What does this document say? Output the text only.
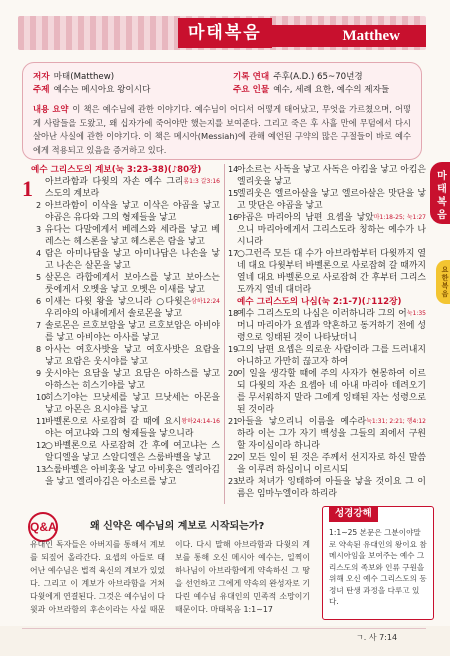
마태복음	Matthew
저자 마태(Matthew)
주제 예수는 메시아요 왕이시다
기록 연대 주후(A.D.) 65~70년경
주요 인물 예수, 세례 요한, 예수의 제자들
내용 요약 이 책은 예수님에 관한 이야기다. 예수님이 어디서 어떻게 태어났고, 무엇을 가르쳤으며, 어떻게 사람들을 도왔고, 왜 십자가에 죽어야만 했는지를 보여준다. 그리고 죽은 후 사흘 만에 무덤에서 다시 살아난 사실에 관한 이야기다. 이 책은 메시아(Messiah)에 관해 예언된 구약의 많은 구절들이 바로 예수에게 적용되고 있음을 증거하고 있다.
예수 그리스도의 계보(눅 3:23-38)(♪80장)
1	롬1:3 갈3:16
아브라함과 다윗의 자손 예수 그리스도의 계보라
2 아브라함이 이삭을 낳고 이삭은 야곱을 낳고 야곱은 유다와 그의 형제들을 낳고
3 유다는 다말에게서 베레스와 세라를 낳고 베레스는 헤스론을 낳고 헤스론은 람을 낳고
4 람은 아미나답을 낳고 아미나답은 나손을 낳고 나손은 살몬을 낳고
5 살몬은 라합에게서 보아스를 낳고 보아스는 룻에게서 오벳을 낳고 오벳은 이새를 낳고
6	삼하12:24
이새는 다윗 왕을 낳으니라 ○다윗은 우리야의 아내에게서 솔로몬을 낳고
7 솔로몬은 르호보암을 낳고 르호보암은 아비야를 낳고 아비야는 아사를 낳고
8 아사는 여호사밧을 낳고 여호사밧은 요람을 낳고 요람은 웃시야를 낳고
9 웃시야는 요담을 낳고 요담은 아하스를 낳고 아하스는 히스기야를 낳고
10
히스기야는 므낫세를 낳고 므낫세는 아몬을 낳고 아몬은 요시야를 낳고
11	왕하24:14-16
바벨론으로 사로잡혀 갈 때에 요시야는 여고냐와 그의 형제들을 낳으니라
12
○바벨론으로 사로잡혀 간 후에 여고냐는 스알디엘을 낳고 스알디엘은 스룹바벨을 낳고
13
스룹바벨은 아비훗을 낳고 아비훗은 엘리아김을 낳고 엘리아김은 아소르를 낳고
14
아소르는 사독을 낳고 사독은 아킴을 낳고 아킴은 엘리웃을 낳고
15
엘리웃은 엘르아살을 낳고 엘르아살은 맛단을 낳고 맛단은 야곱을 낳고
16	마1:18-25; 눅1:27
야곱은 마리아의 남편 요셉을 낳았으니 마리아에게서 그리스도라 칭하는 예수가 나시니라
17
○그런즉 모든 대 수가 아브라함부터 다윗까지 열네 대요 다윗부터 바벨론으로 사로잡혀 갈 때까지 열네 대요 바벨론으로 사로잡혀 간 후부터 그리스도까지 열네 대더라
예수 그리스도의 나심(눅 2:1-7)(♪112장)
18	눅1:35
예수 그리스도의 나심은 이러하니라 그의 어머니 마리아가 요셉과 약혼하고 동거하기 전에 성령으로 잉태된 것이 나타났더니
19
그의 남편 요셉은 의로운 사람이라 그를 드러내지 아니하고 가만히 끊고자 하여
20
이 일을 생각할 때에 주의 사자가 현몽하여 이르되 다윗의 자손 요셉아 네 아내 마리아 데려오기를 무서워하지 말라 그에게 잉태된 자는 성령으로 된 것이라
21	눅1:31; 2:21; 행4:12
아들을 낳으리니 이름을 예수라 하라 이는 그가 자기 백성을 그들의 죄에서 구원할 자이심이라 하니라
22
이 모든 일이 된 것은 주께서 선지자로 하신 말씀을 이루려 하심이니 이르시되
23
보라 처녀가 잉태하여 아들을 낳을 것이요 그 이름은 임마누엘이라 하리라
마태복음
요한복음
Q&A	왜 신약은 예수님의 계보로 시작되는가?
유대인 독자들은 아버지를 통해서 계보를 되짚어 올라간다. 요셉의 아들로 태어난 예수님은 법적 육신의 계보가 있었다. 그리고 이 계보가 아브라함을 거쳐 다윗에게 연결된다. 그것은 예수님이 다윗과 아브라함의 후손이라는 사실 때문이다. 다시 말해 아브라함과 다윗의 계보를 통해 오신 메시아 예수는, 일찍이 하나님이 아브라함에게 약속하신 그 땅을 선언하고 그에게 약속의 완성자로 기다린 예수님 유대인의 민족적 소망이기 때문이다. 마태복음 1:1~17
성경강해
1:1~25 본문은 그분이야말로 약속된 유대인의 왕이요 참 메시아임을 보여주는 예수 그리스도의 족보와 인류 구원을 위해 오신 예수 그리스도의 동정녀 탄생 과정을 다루고 있다.
ㄱ. 사 7:14
